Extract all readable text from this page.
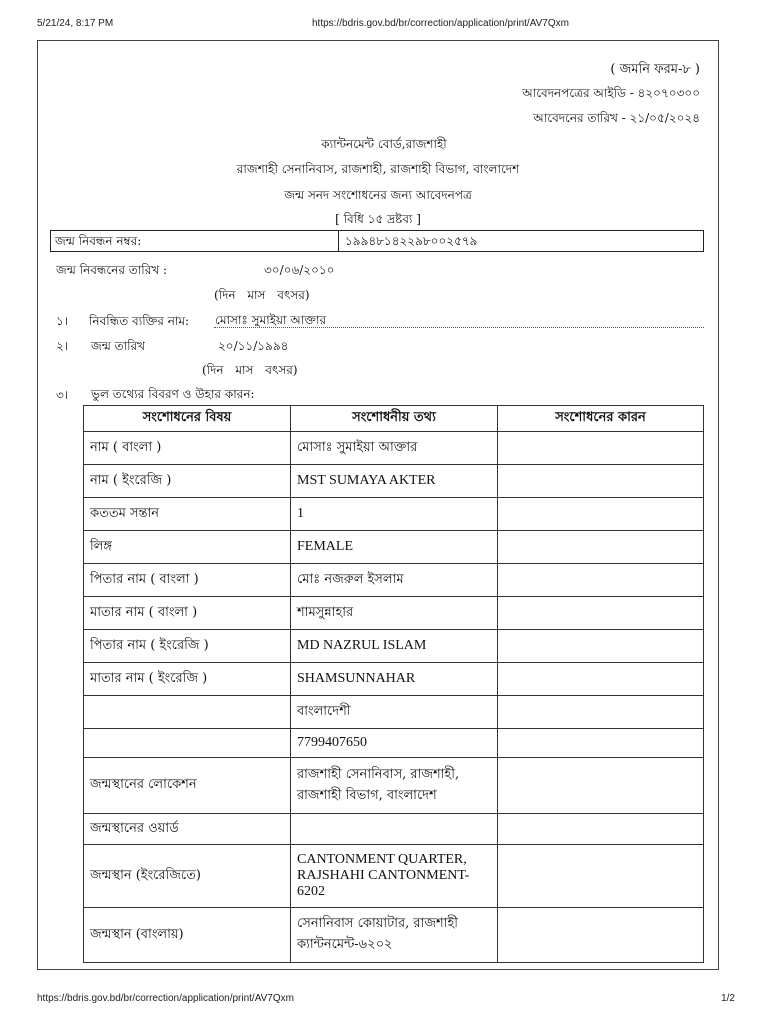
5/21/24, 8:17 PM	https://bdris.gov.bd/br/correction/application/print/AV7Qxm
( জমনি ফরম-৮ )
আবেদনপত্রের আইডি - ৪২০৭০৩০০
আবেদনের তারিখ - ২১/০৫/২০২৪
ক্যান্টনমেন্ট বোর্ড,রাজশাহী
রাজশাহী সেনানিবাস, রাজশাহী, রাজশাহী বিভাগ, বাংলাদেশ
জন্ম সনদ সংশোধনের জন্য আবেদনপত্র
[ বিধি ১৫ দ্রষ্টব্য ]
জন্ম নিবন্ধন নম্বর:	১৯৯৪৮১৪২২৯৮০০২৫৭৯
জন্ম নিবন্ধনের তারিখ :	৩০/০৬/২০১০
(দিন মাস বৎসর)
১। নিবন্ধিত ব্যক্তির নাম: মোসাঃ সুমাইয়া আক্তার
২। জন্ম তারিখ	২০/১১/১৯৯৪
(দিন মাস বৎসর)
৩। ভুল তথ্যের বিবরণ ও উহার কারন:
সংশোধনের বিষয়	সংশোধনীয় তথ্য	সংশোধনের কারন
নাম ( বাংলা )	মোসাঃ সুমাইয়া আক্তার	
নাম ( ইংরেজি )	MST SUMAYA AKTER	
কততম সন্তান	1	
লিঙ্গ	FEMALE	
পিতার নাম ( বাংলা )	মোঃ নজরুল ইসলাম	
মাতার নাম ( বাংলা )	শামসুন্নাহার	
পিতার নাম ( ইংরেজি )	MD NAZRUL ISLAM	
মাতার নাম ( ইংরেজি )	SHAMSUNNAHAR	
	বাংলাদেশী	
	7799407650	
জন্মস্থানের লোকেশন	রাজশাহী সেনানিবাস, রাজশাহী, রাজশাহী বিভাগ, বাংলাদেশ	
জন্মস্থানের ওয়ার্ড		
জন্মস্থান (ইংরেজিতে)	CANTONMENT QUARTER, RAJSHAHI CANTONMENT-6202	
জন্মস্থান (বাংলায়)	সেনানিবাস কোয়াটার, রাজশাহী ক্যান্টনমেন্ট-৬২০২	
https://bdris.gov.bd/br/correction/application/print/AV7Qxm	1/2
